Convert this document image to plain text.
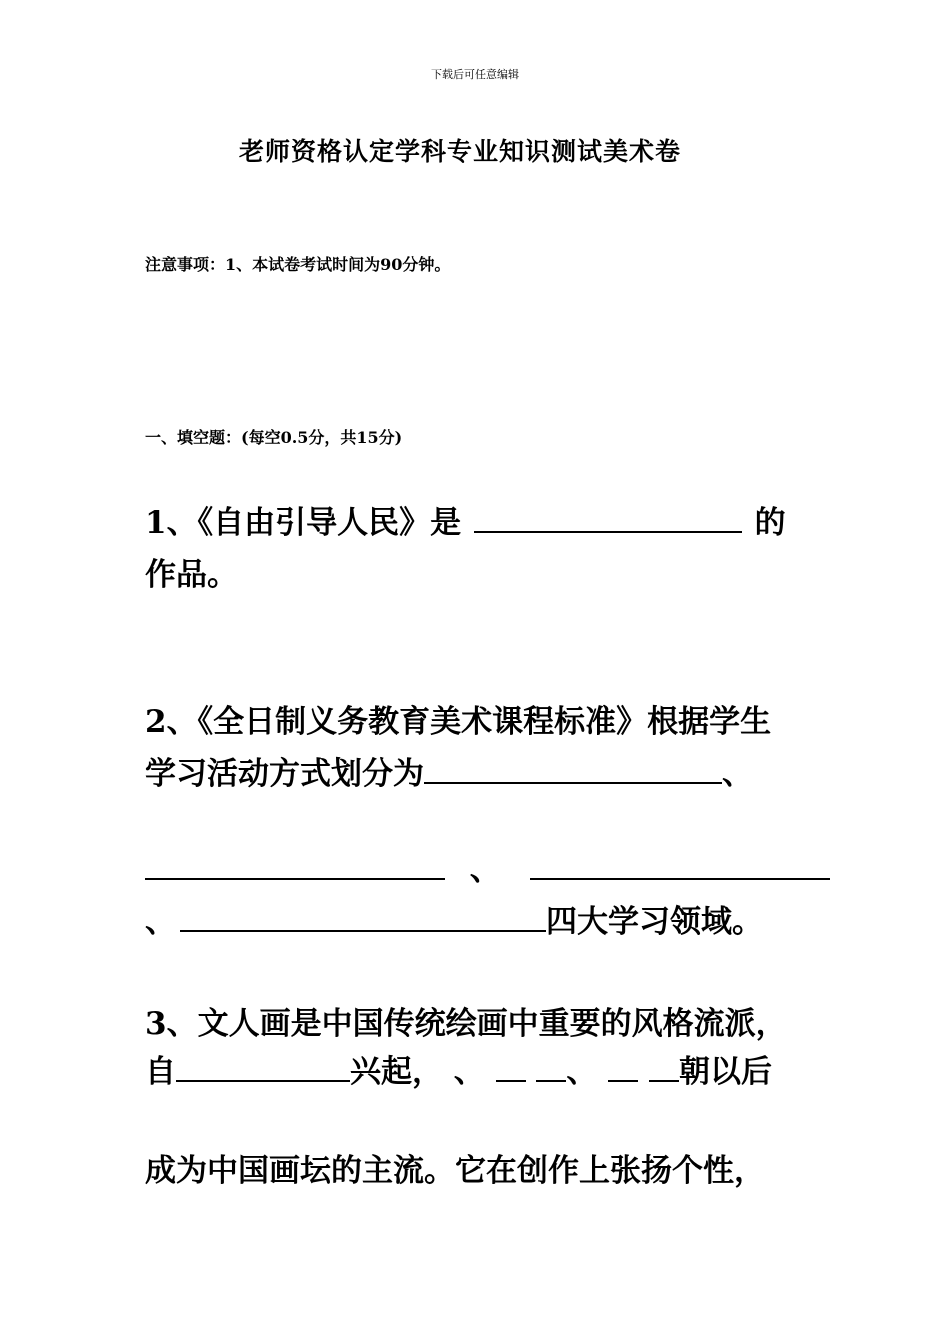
下载后可任意编辑
老师资格认定学科专业知识测试美术卷
注意事项：1、本试卷考试时间为90分钟。
一、填空题：(每空0.5分，共15分)
1、《自由引导人民》是	的
作品。
2、《全日制义务教育美术课程标准》根据学生
学习活动方式划分为	、
、
、	四大学习领域。
3、文人画是中国传统绘画中重要的风格流派，
自	兴起， 、	、	朝以后
成为中国画坛的主流。它在创作上张扬个性，
